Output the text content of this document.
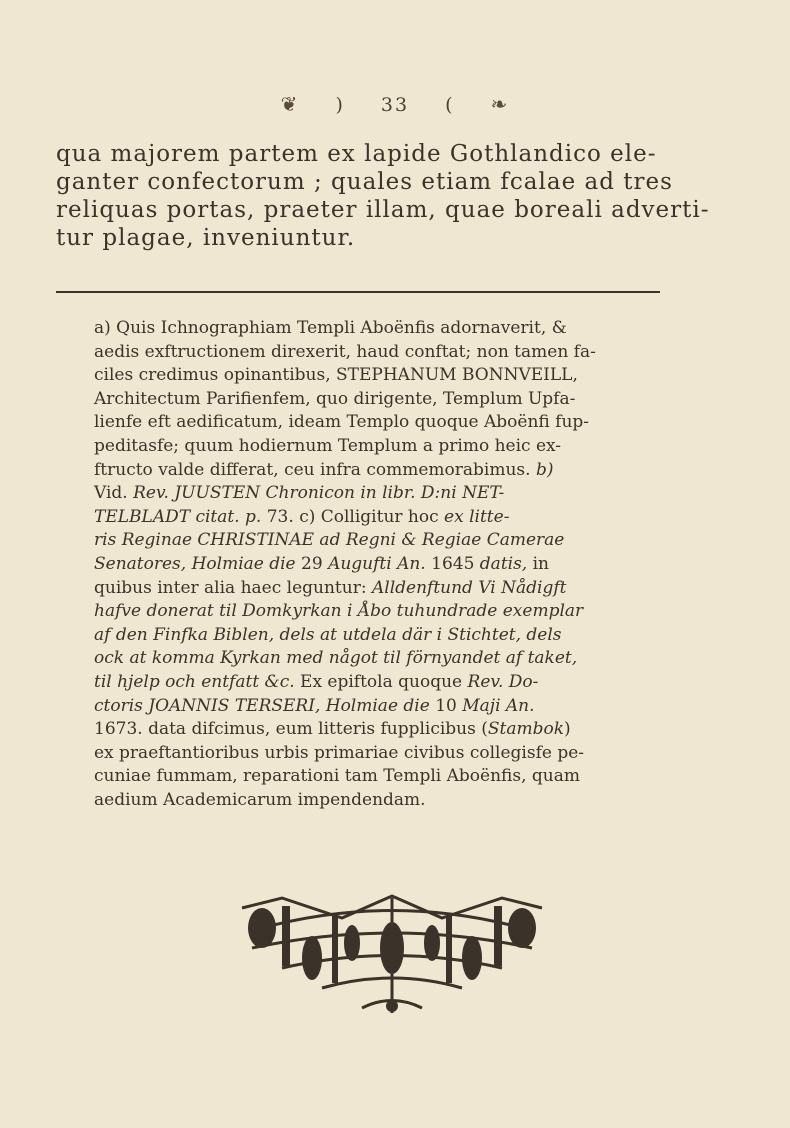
❦ ) 33 ( ❧
qua majorem partem ex lapide Gothlandico ele-
ganter confectorum ; quales etiam fcalae ad tres
reliquas portas, praeter illam, quae boreali adverti-
tur plagae, inveniuntur.
a) Quis Ichnographiam Templi Aboënfis adornaverit, &
aedis exftructionem direxerit, haud conftat; non tamen fa-
ciles credimus opinantibus, STEPHANUM BONNVEILL,
Architectum Parifienfem, quo dirigente, Templum Upfa-
lienfe eft aedificatum, ideam Templo quoque Aboënfi fup-
peditasfe; quum hodiernum Templum a primo heic ex-
ftructo valde differat, ceu infra commemorabimus. b)
Vid. Rev. JUUSTEN Chronicon in libr. D:ni NET-
TELBLADT citat. p. 73. c) Colligitur hoc ex litte-
ris Reginae CHRISTINAE ad Regni & Regiae Camerae
Senatores, Holmiae die 29 Augufti An. 1645 datis, in
quibus inter alia haec leguntur: Alldenftund Vi Nådigft
hafve donerat til Domkyrkan i Åbo tuhundrade exemplar
af den Finfka Biblen, dels at utdela där i Stichtet, dels
ock at komma Kyrkan med något til förnyandet af taket,
til hjelp och entfatt &c. Ex epiftola quoque Rev. Do-
ctoris JOANNIS TERSERI, Holmiae die 10 Maji An.
1673. data difcimus, eum litteris fupplicibus (Stambok)
ex praeftantioribus urbis primariae civibus collegisfe pe-
cuniae fummam, reparationi tam Templi Aboënfis, quam
aedium Academicarum impendendam.
